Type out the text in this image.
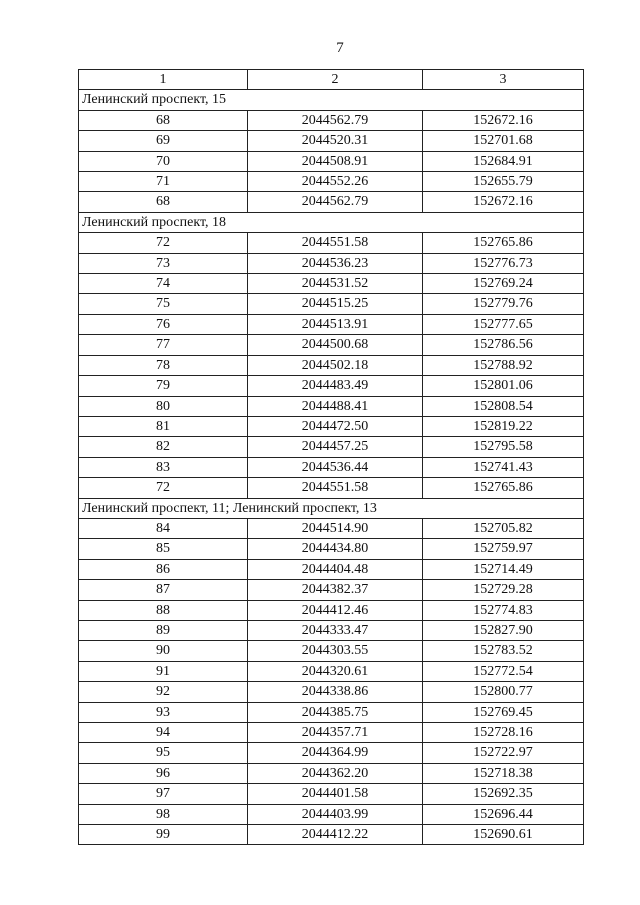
7
1	2	3
Ленинский проспект, 15		
68	2044562.79	152672.16
69	2044520.31	152701.68
70	2044508.91	152684.91
71	2044552.26	152655.79
68	2044562.79	152672.16
Ленинский проспект, 18		
72	2044551.58	152765.86
73	2044536.23	152776.73
74	2044531.52	152769.24
75	2044515.25	152779.76
76	2044513.91	152777.65
77	2044500.68	152786.56
78	2044502.18	152788.92
79	2044483.49	152801.06
80	2044488.41	152808.54
81	2044472.50	152819.22
82	2044457.25	152795.58
83	2044536.44	152741.43
72	2044551.58	152765.86
Ленинский проспект, 11; Ленинский проспект, 13		
84	2044514.90	152705.82
85	2044434.80	152759.97
86	2044404.48	152714.49
87	2044382.37	152729.28
88	2044412.46	152774.83
89	2044333.47	152827.90
90	2044303.55	152783.52
91	2044320.61	152772.54
92	2044338.86	152800.77
93	2044385.75	152769.45
94	2044357.71	152728.16
95	2044364.99	152722.97
96	2044362.20	152718.38
97	2044401.58	152692.35
98	2044403.99	152696.44
99	2044412.22	152690.61
